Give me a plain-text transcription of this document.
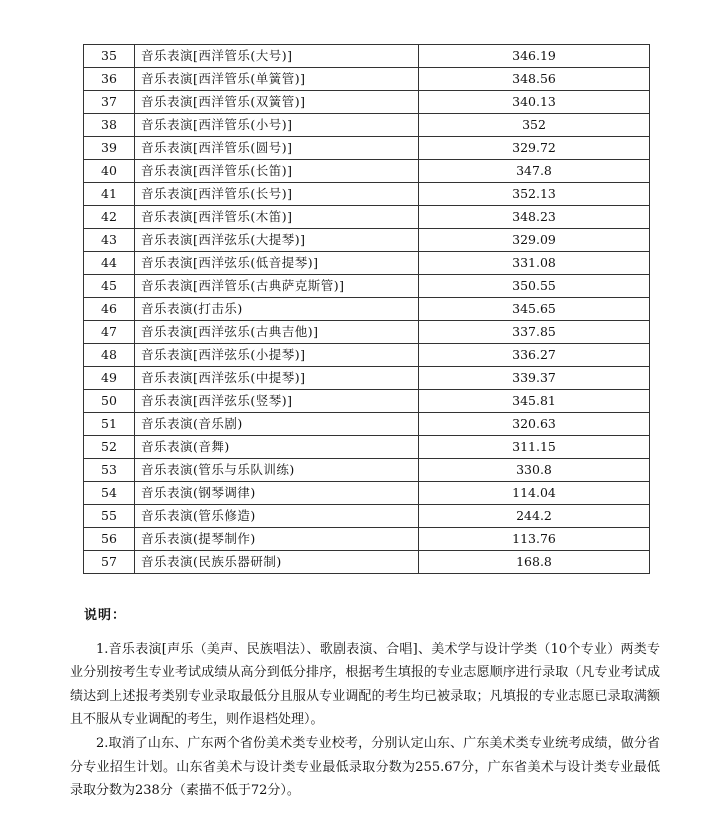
35	音乐表演[西洋管乐(大号)]	346.19
36	音乐表演[西洋管乐(单簧管)]	348.56
37	音乐表演[西洋管乐(双簧管)]	340.13
38	音乐表演[西洋管乐(小号)]	352
39	音乐表演[西洋管乐(圆号)]	329.72
40	音乐表演[西洋管乐(长笛)]	347.8
41	音乐表演[西洋管乐(长号)]	352.13
42	音乐表演[西洋管乐(木笛)]	348.23
43	音乐表演[西洋弦乐(大提琴)]	329.09
44	音乐表演[西洋弦乐(低音提琴)]	331.08
45	音乐表演[西洋管乐(古典萨克斯管)]	350.55
46	音乐表演(打击乐)	345.65
47	音乐表演[西洋弦乐(古典吉他)]	337.85
48	音乐表演[西洋弦乐(小提琴)]	336.27
49	音乐表演[西洋弦乐(中提琴)]	339.37
50	音乐表演[西洋弦乐(竖琴)]	345.81
51	音乐表演(音乐剧)	320.63
52	音乐表演(音舞)	311.15
53	音乐表演(管乐与乐队训练)	330.8
54	音乐表演(钢琴调律)	114.04
55	音乐表演(管乐修造)	244.2
56	音乐表演(提琴制作)	113.76
57	音乐表演(民族乐器研制)	168.8
说明：

1.音乐表演[声乐（美声、民族唱法）、歌剧表演、合唱]、美术学与设计学类（10个专业）两类专业分别按考生专业考试成绩从高分到低分排序，根据考生填报的专业志愿顺序进行录取（凡专业考试成绩达到上述报考类别专业录取最低分且服从专业调配的考生均已被录取；凡填报的专业志愿已录取满额且不服从专业调配的考生，则作退档处理）。

2.取消了山东、广东两个省份美术类专业校考，分别认定山东、广东美术类专业统考成绩，做分省分专业招生计划。山东省美术与设计类专业最低录取分数为255.67分，广东省美术与设计类专业最低录取分数为238分（素描不低于72分）。
